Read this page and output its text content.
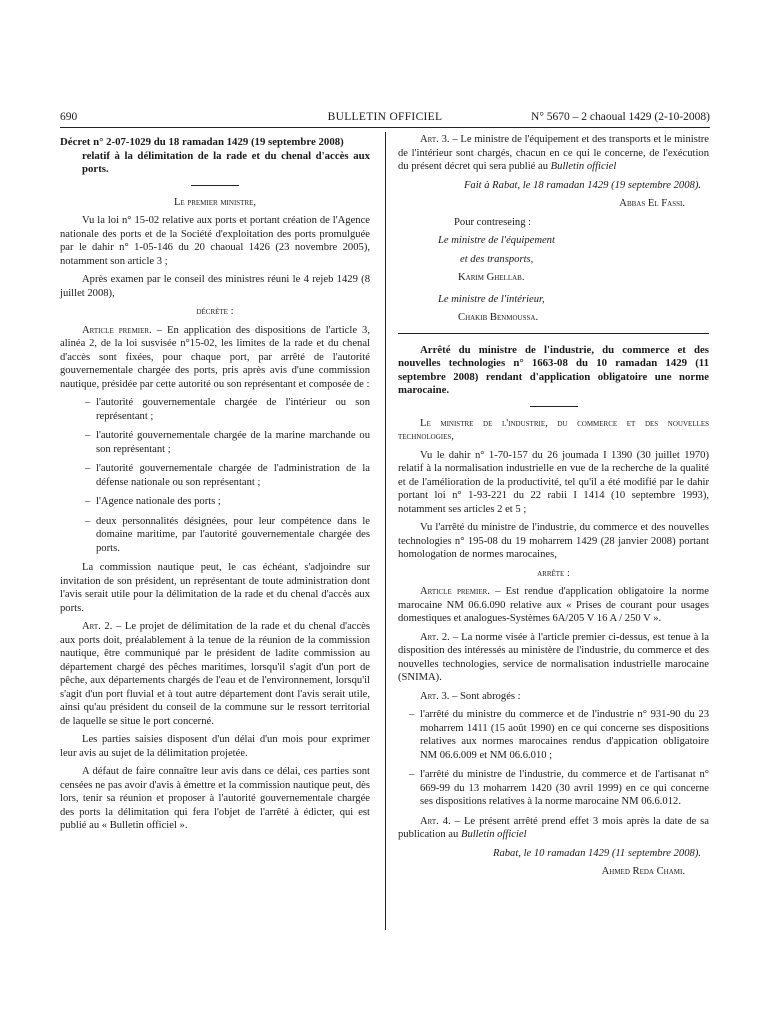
690	BULLETIN OFFICIEL	N° 5670 – 2 chaoual 1429 (2-10-2008)
Décret n° 2-07-1029 du 18 ramadan 1429 (19 septembre 2008)
relatif à la délimitation de la rade et du chenal d'accès aux ports.

Le premier ministre,

Vu la loi n° 15-02 relative aux ports et portant création de l'Agence nationale des ports et de la Société d'exploitation des ports promulguée par le dahir n° 1-05-146 du 20 chaoual 1426 (23 novembre 2005), notamment son article 3 ;

Après examen par le conseil des ministres réuni le 4 rejeb 1429 (8 juillet 2008),

décrète :

Article premier. – En application des dispositions de l'article 3, alinéa 2, de la loi susvisée n°15-02, les limites de la rade et du chenal d'accès sont fixées, pour chaque port, par arrêté de l'autorité gouvernementale chargée des ports, pris après avis d'une commission nautique, présidée par cette autorité ou son représentant et composée de :

– l'autorité gouvernementale chargée de l'intérieur ou son représentant ;
– l'autorité gouvernementale chargée de la marine marchande ou son représentant ;
– l'autorité gouvernementale chargée de l'administration de la défense nationale ou son représentant ;
– l'Agence nationale des ports ;
– deux personnalités désignées, pour leur compétence dans le domaine maritime, par l'autorité gouvernementale chargée des ports.

La commission nautique peut, le cas échéant, s'adjoindre sur invitation de son président, un représentant de toute administration dont l'avis serait utile pour la délimitation de la rade et du chenal d'accès aux ports.

Art. 2. – Le projet de délimitation de la rade et du chenal d'accès aux ports doit, préalablement à la tenue de la réunion de la commission nautique, être communiqué par le président de ladite commission au département chargé des pêches maritimes, lorsqu'il s'agit d'un port de pêche, aux départements chargés de l'eau et de l'environnement, lorsqu'il s'agit d'un port fluvial et à tout autre département dont l'avis serait utile, ainsi qu'au président du conseil de la commune sur le ressort territorial de laquelle se situe le port concerné.

Les parties saisies disposent d'un délai d'un mois pour exprimer leur avis au sujet de la délimitation projetée.

A défaut de faire connaître leur avis dans ce délai, ces parties sont censées ne pas avoir d'avis à émettre et la commission nautique peut, dès lors, tenir sa réunion et proposer à l'autorité gouvernementale chargée des ports la délimitation qui fera l'objet de l'arrêté à édicter, qui est publié au « Bulletin officiel ».

Art. 3. – Le ministre de l'équipement et des transports et le ministre de l'intérieur sont chargés, chacun en ce qui le concerne, de l'exécution du présent décret qui sera publié au Bulletin officiel

Fait à Rabat, le 18 ramadan 1429 (19 septembre 2008).

Abbas El Fassi.

Pour contreseing :

Le ministre de l'équipement

et des transports,

Karim Ghellab.

Le ministre de l'intérieur,

Chakib Benmoussa.

Arrêté du ministre de l'industrie, du commerce et des nouvelles technologies n° 1663-08 du 10 ramadan 1429 (11 septembre 2008) rendant d'application obligatoire une norme marocaine.

Le ministre de l'industrie, du commerce et des nouvelles technologies,

Vu le dahir n° 1-70-157 du 26 joumada I 1390 (30 juillet 1970) relatif à la normalisation industrielle en vue de la recherche de la qualité et de l'amélioration de la productivité, tel qu'il a été modifié par le dahir portant loi n° 1-93-221 du 22 rabii I 1414 (10 septembre 1993), notamment ses articles 2 et 5 ;

Vu l'arrêté du ministre de l'industrie, du commerce et des nouvelles technologies n° 195-08 du 19 moharrem 1429 (28 janvier 2008) portant homologation de normes marocaines,

arrête :

Article premier. – Est rendue d'application obligatoire la norme marocaine NM 06.6.090 relative aux « Prises de courant pour usages domestiques et analogues-Systèmes 6A/205 V 16 A / 250 V ».

Art. 2. – La norme visée à l'article premier ci-dessus, est tenue à la disposition des intéressés au ministère de l'industrie, du commerce et des nouvelles technologies, service de normalisation industrielle marocaine (SNIMA).

Art. 3. – Sont abrogés :

– l'arrêté du ministre du commerce et de l'industrie n° 931-90 du 23 moharrem 1411 (15 août 1990) en ce qui concerne ses dispositions relatives aux normes marocaines rendus d'appication obligatoire NM 06.6.009 et NM 06.6.010 ;
– l'arrêté du ministre de l'industrie, du commerce et de l'artisanat n° 669-99 du 13 moharrem 1420 (30 avril 1999) en ce qui concerne ses dispositions relatives à la norme marocaine NM 06.6.012.

Art. 4. – Le présent arrêté prend effet 3 mois après la date de sa publication au Bulletin officiel

Rabat, le 10 ramadan 1429 (11 septembre 2008).

Ahmed Reda Chami.
